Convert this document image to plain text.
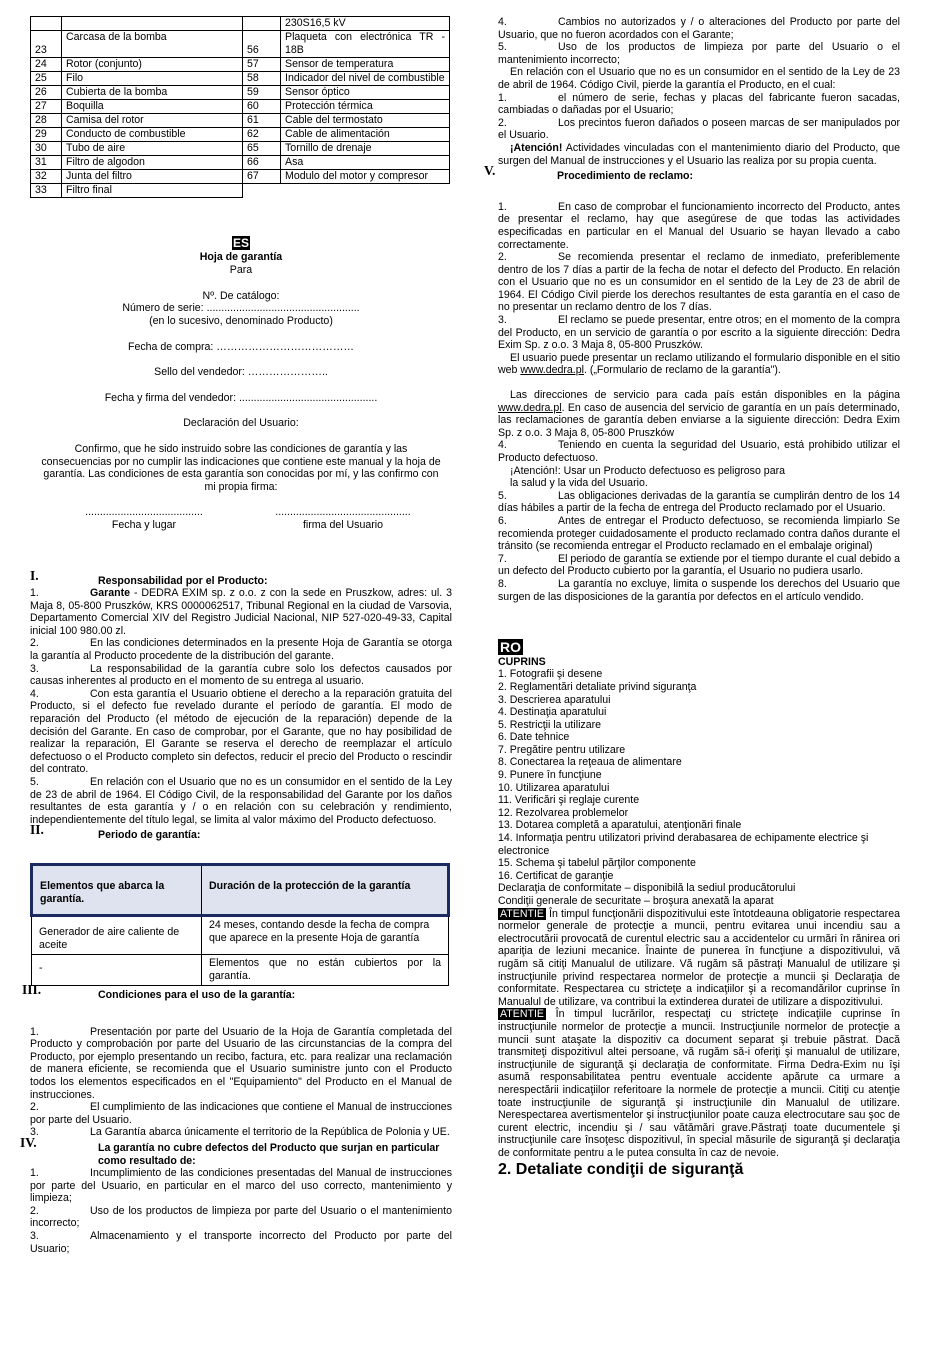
			230S16,5 kV
23	Carcasa de la bomba	56	Plaqueta con electrónica TR - 18B
24	Rotor (conjunto)	57	Sensor de temperatura
25	Filo	58	Indicador del nivel de combustible
26	Cubierta de la bomba	59	Sensor óptico
27	Boquilla	60	Protección térmica
28	Camisa del rotor	61	Cable del termostato
29	Conducto de combustible	62	Cable de alimentación
30	Tubo de aire	65	Tornillo de drenaje
31	Filtro de algodon	66	Asa
32	Junta del filtro	67	Modulo del motor y compresor
33	Filtro final		
ES
Hoja de garantía
Para
Nº. De catálogo:
Número de serie: ....................................................
(en lo sucesivo, denominado Producto)
Fecha de compra: …………………………………
Sello del vendedor: …………………..
Fecha y firma del vendedor: ...............................................
Declaración del Usuario:
Confirmo, que he sido instruido sobre las condiciones de garantía y las consecuencias por no cumplir las indicaciones que contiene este manual y la hoja de garantía. Las condiciones de esta garantía son conocidas por mí, y las confirmo con mi propia firma:
........................................
Fecha y lugar
..............................................
firma del Usuario
I.	Responsabilidad por el Producto:
1.	Garante - DEDRA EXIM sp. z o.o. z con la sede en Pruszkow, adres: ul. 3 Maja 8, 05-800 Pruszków, KRS 0000062517, Tribunal Regional en la ciudad de Varsovia, Departamento Comercial XIV del Registro Judicial Nacional, NIP 527-020-49-33, Capital inicial 100 980.00 zl.
2.	En las condiciones determinados en la presente Hoja de Garantía se otorga la garantía al Producto procedente de la distribución del garante.
3.	La responsabilidad de la garantía cubre solo los defectos causados por causas inherentes al producto en el momento de su entrega al usuario.
4.	Con esta garantía el Usuario obtiene el derecho a la reparación gratuita del Producto, si el defecto fue revelado durante el período de garantía. El modo de reparación del Producto (el método de ejecución de la reparación) depende de la decisión del Garante. En caso de comprobar, por el Garante, que no hay posibilidad de realizar la reparación, El Garante se reserva el derecho de reemplazar el artículo defectuoso o el Producto completo sin defectos, reducir el precio del Producto o rescindir del contrato.
5.	En relación con el Usuario que no es un consumidor en el sentido de la Ley de 23 de abril de 1964. El Código Civil, de la responsabilidad del Garante por los daños resultantes de esta garantía y / o en relación con su celebración y rendimiento, independientemente del título legal, se limita al valor máximo del Producto defectuoso.
II.	Periodo de garantía:
Elementos que abarca la garantía.	Duración de la protección de la garantía
Generador de aire caliente de aceite	24 meses, contando desde la fecha de compra
que aparece en la presente Hoja de garantía
-	Elementos que no están cubiertos por la garantía.
III.	Condiciones para el uso de la garantía:
1.	Presentación por parte del Usuario de la Hoja de Garantía completada del Producto y comprobación por parte del Usuario de las circunstancias de la compra del Producto, por ejemplo presentando un recibo, factura, etc. para realizar una reclamación de manera eficiente, se recomienda que el Usuario suministre junto con el Producto todos los elementos especificados en el "Equipamiento" del Producto en el Manual de instrucciones.
2.	El cumplimiento de las indicaciones que contiene el Manual de instrucciones por parte del Usuario.
3.	La Garantía abarca únicamente el territorio de la República de Polonia y UE.
IV.	La garantía no cubre defectos del Producto que surjan en particular como resultado de:
1.	Incumplimiento de las condiciones presentadas del Manual de instrucciones por parte del Usuario, en particular en el marco del uso correcto, mantenimiento y limpieza;
2.	Uso de los productos de limpieza por parte del Usuario o el mantenimiento incorrecto;
3.	Almacenamiento y el transporte incorrecto del Producto por parte del Usuario;
4.	Cambios no autorizados y / o alteraciones del Producto por parte del Usuario, que no fueron acordados con el Garante;
5.	Uso de los productos de limpieza por parte del Usuario o el mantenimiento incorrecto;
En relación con el Usuario que no es un consumidor en el sentido de la Ley de 23 de abril de 1964. Código Civil, pierde la garantía el Producto, en el cual:
1.	el número de serie, fechas y placas del fabricante fueron sacadas, cambiadas o dañadas por el Usuario;
2.	Los precintos fueron dañados o poseen marcas de ser manipulados por el Usuario.
¡Atención! Actividades vinculadas con el mantenimiento diario del Producto, que surgen del Manual de instrucciones y el Usuario las realiza por su propia cuenta.
V.	Procedimiento de reclamo:
1.	En caso de comprobar el funcionamiento incorrecto del Producto, antes de presentar el reclamo, hay que asegúrese de que todas las actividades especificadas en particular en el Manual del Usuario se hayan llevado a cabo correctamente.
2.	Se recomienda presentar el reclamo de inmediato, preferiblemente dentro de los 7 días a partir de la fecha de notar el defecto del Producto. En relación con el Usuario que no es un consumidor en el sentido de la Ley de 23 de abril de 1964. El Código Civil pierde los derechos resultantes de esta garantía en el caso de no presentar un reclamo dentro de los 7 días.
3.	El reclamo se puede presentar, entre otros; en el momento de la compra del Producto, en un servicio de garantía o por escrito a la siguiente dirección: Dedra Exim Sp. z o.o. 3 Maja 8, 05-800 Pruszków.
El usuario puede presentar un reclamo utilizando el formulario disponible en el sitio web www.dedra.pl. („Formulario de reclamo de la garantía").
Las direcciones de servicio para cada país están disponibles en la página www.dedra.pl. En caso de ausencia del servicio de garantía en un país determinado, las reclamaciones de garantía deben enviarse a la siguiente dirección: Dedra Exim Sp. z o.o. 3 Maja 8, 05-800 Pruszków
4.	Teniendo en cuenta la seguridad del Usuario, está prohibido utilizar el Producto defectuoso.
¡Atención!: Usar un Producto defectuoso es peligroso para
la salud y la vida del Usuario.
5.	Las obligaciones derivadas de la garantía se cumplirán dentro de los 14 días hábiles a partir de la fecha de entrega del Producto reclamado por el Usuario.
6.	Antes de entregar el Producto defectuoso, se recomienda limpiarlo Se recomienda proteger cuidadosamente el producto reclamado contra daños durante el tránsito (se recomienda entregar el Producto reclamado en el embalaje original)
7.	El periodo de garantía se extiende por el tiempo durante el cual debido a un defecto del Producto cubierto por la garantía, el Usuario no pudiera usarlo.
8.	La garantía no excluye, limita o suspende los derechos del Usuario que surgen de las disposiciones de la garantía por defectos en el artículo vendido.
RO
CUPRINS
1. Fotografii şi desene
2. Reglamentări detaliate privind siguranţa
3. Descrierea aparatului
4. Destinaţia aparatului
5. Restricţii la utilizare
6. Date tehnice
7. Pregătire pentru utilizare
8. Conectarea la reţeaua de alimentare
9. Punere în funcţiune
10. Utilizarea aparatului
11. Verificări şi reglaje curente
12. Rezolvarea problemelor
13. Dotarea completă a aparatului, atenţionări finale
14. Informaţia pentru utilizatori privind derabasarea de echipamente electrice şi electronice
15. Schema şi tabelul părţilor componente
16. Certificat de garanţie
Declaraţia de conformitate – disponibilă la sediul producătorului
Condiţii generale de securitate – broşura anexată la aparat
ATENTIE În timpul funcţionării dispozitivului este întotdeauna obligatorie respectarea normelor generale de protecţie a muncii, pentru evitarea unui incendiu sau a electrocutării provocată de curentul electric sau a accidentelor cu urmări în rănirea ori apariţia de leziuni mecanice. Înainte de punerea în funcţiune a dispozitivului, vă rugăm să citiţi Manualul de utilizare. Vă rugăm să păstraţi Manualul de utilizare şi instrucţiunile privind respectarea normelor de protecţie a muncii şi Declaraţia de conformitate. Respectarea cu stricteţe a indicaţiilor şi a recomandărilor cuprinse în Manualul de utilizare, va contribui la extinderea duratei de utilizare a dispozitivului.
ATENTIE În timpul lucrărilor, respectaţi cu stricteţe indicaţiile cuprinse în instrucţiunile normelor de protecţie a muncii. Instrucţiunile normelor de protecţie a muncii sunt ataşate la dispozitiv ca document separat şi trebuie păstrat. Dacă transmiteţi dispozitivul altei persoane, vă rugăm să-i oferiţi şi manualul de utilizare, instrucţiunile de siguranţă şi declaraţia de conformitate. Firma Dedra-Exim nu îşi asumă responsabilitatea pentru eventuale accidente apărute ca urmare a nerespectării indicaţiilor referitoare la normele de protecţie a muncii. Citiţi cu atenţie toate instrucţiunile de siguranţă şi instrucţiunile din Manualul de utilizare. Nerespectarea avertismentelor şi instrucţiunilor poate cauza electrocutare sau şoc de curent electric, incendiu şi / sau vătămări grave.Păstraţi toate ducumentele şi instrucţiunile care însoţesc dispozitivul, în special măsurile de siguranţă şi declaraţia de conformitate pentru a le putea consulta în caz de nevoie.
2. Detaliate condiţii de siguranţă
